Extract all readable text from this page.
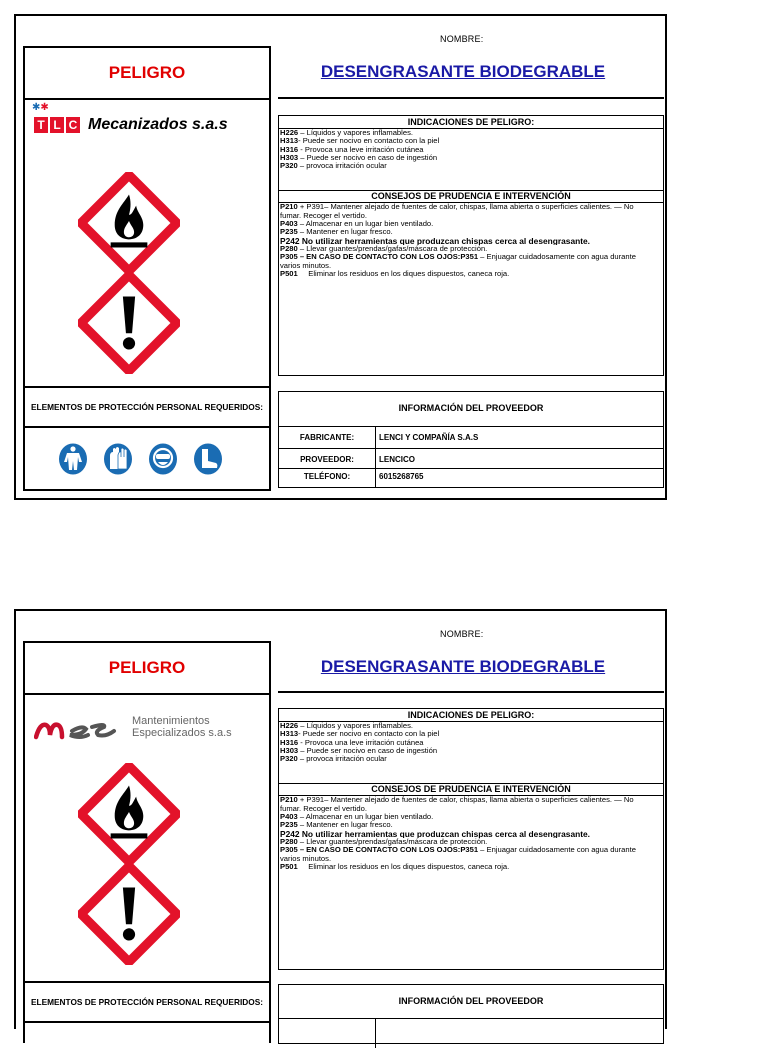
NOMBRE:
PELIGRO	DESENGRASANTE BIODEGRABLE
✱✱
T L C Mecanizados s.a.s	INDICACIONES DE PELIGRO:
H226 – Líquidos y vapores inflamables.
H313- Puede ser nocivo en contacto con la piel
H316 - Provoca una leve irritación cutánea
H303 – Puede ser nocivo en caso de ingestión
P320 – provoca irritación ocular
CONSEJOS DE PRUDENCIA E INTERVENCIÓN
P210 + P391– Mantener alejado de fuentes de calor, chispas, llama abierta o superficies calientes. — No fumar. Recoger el vertido.
P403 – Almacenar en un lugar bien ventilado.
P235 – Mantener en lugar fresco.
P242 No utilizar herramientas que produzcan chispas cerca al desengrasante.
P280 – Llevar guantes/prendas/gafas/máscara de protección.
P305 – EN CASO DE CONTACTO CON LOS OJOS:P351 – Enjuagar cuidadosamente con agua durante varios minutos.
P501     Eliminar los residuos en los diques dispuestos, caneca roja.
ELEMENTOS DE PROTECCIÓN PERSONAL REQUERIDOS:	INFORMACIÓN DEL PROVEEDOR
FABRICANTE:	LENCI Y COMPAÑÍA S.A.S
PROVEEDOR:	LENCICO
TELÉFONO:	6015268765
NOMBRE:
PELIGRO	DESENGRASANTE BIODEGRABLE
Mantenimientos
Especializados s.a.s
INDICACIONES DE PELIGRO:
H226 – Líquidos y vapores inflamables.
H313- Puede ser nocivo en contacto con la piel
H316 - Provoca una leve irritación cutánea
H303 – Puede ser nocivo en caso de ingestión
P320 – provoca irritación ocular
CONSEJOS DE PRUDENCIA E INTERVENCIÓN
P210 + P391– Mantener alejado de fuentes de calor, chispas, llama abierta o superficies calientes. — No fumar. Recoger el vertido.
P403 – Almacenar en un lugar bien ventilado.
P235 – Mantener en lugar fresco.
P242 No utilizar herramientas que produzcan chispas cerca al desengrasante.
P280 – Llevar guantes/prendas/gafas/máscara de protección.
P305 – EN CASO DE CONTACTO CON LOS OJOS:P351 – Enjuagar cuidadosamente con agua durante varios minutos.
P501     Eliminar los residuos en los diques dispuestos, caneca roja.
ELEMENTOS DE PROTECCIÓN PERSONAL REQUERIDOS:	INFORMACIÓN DEL PROVEEDOR
